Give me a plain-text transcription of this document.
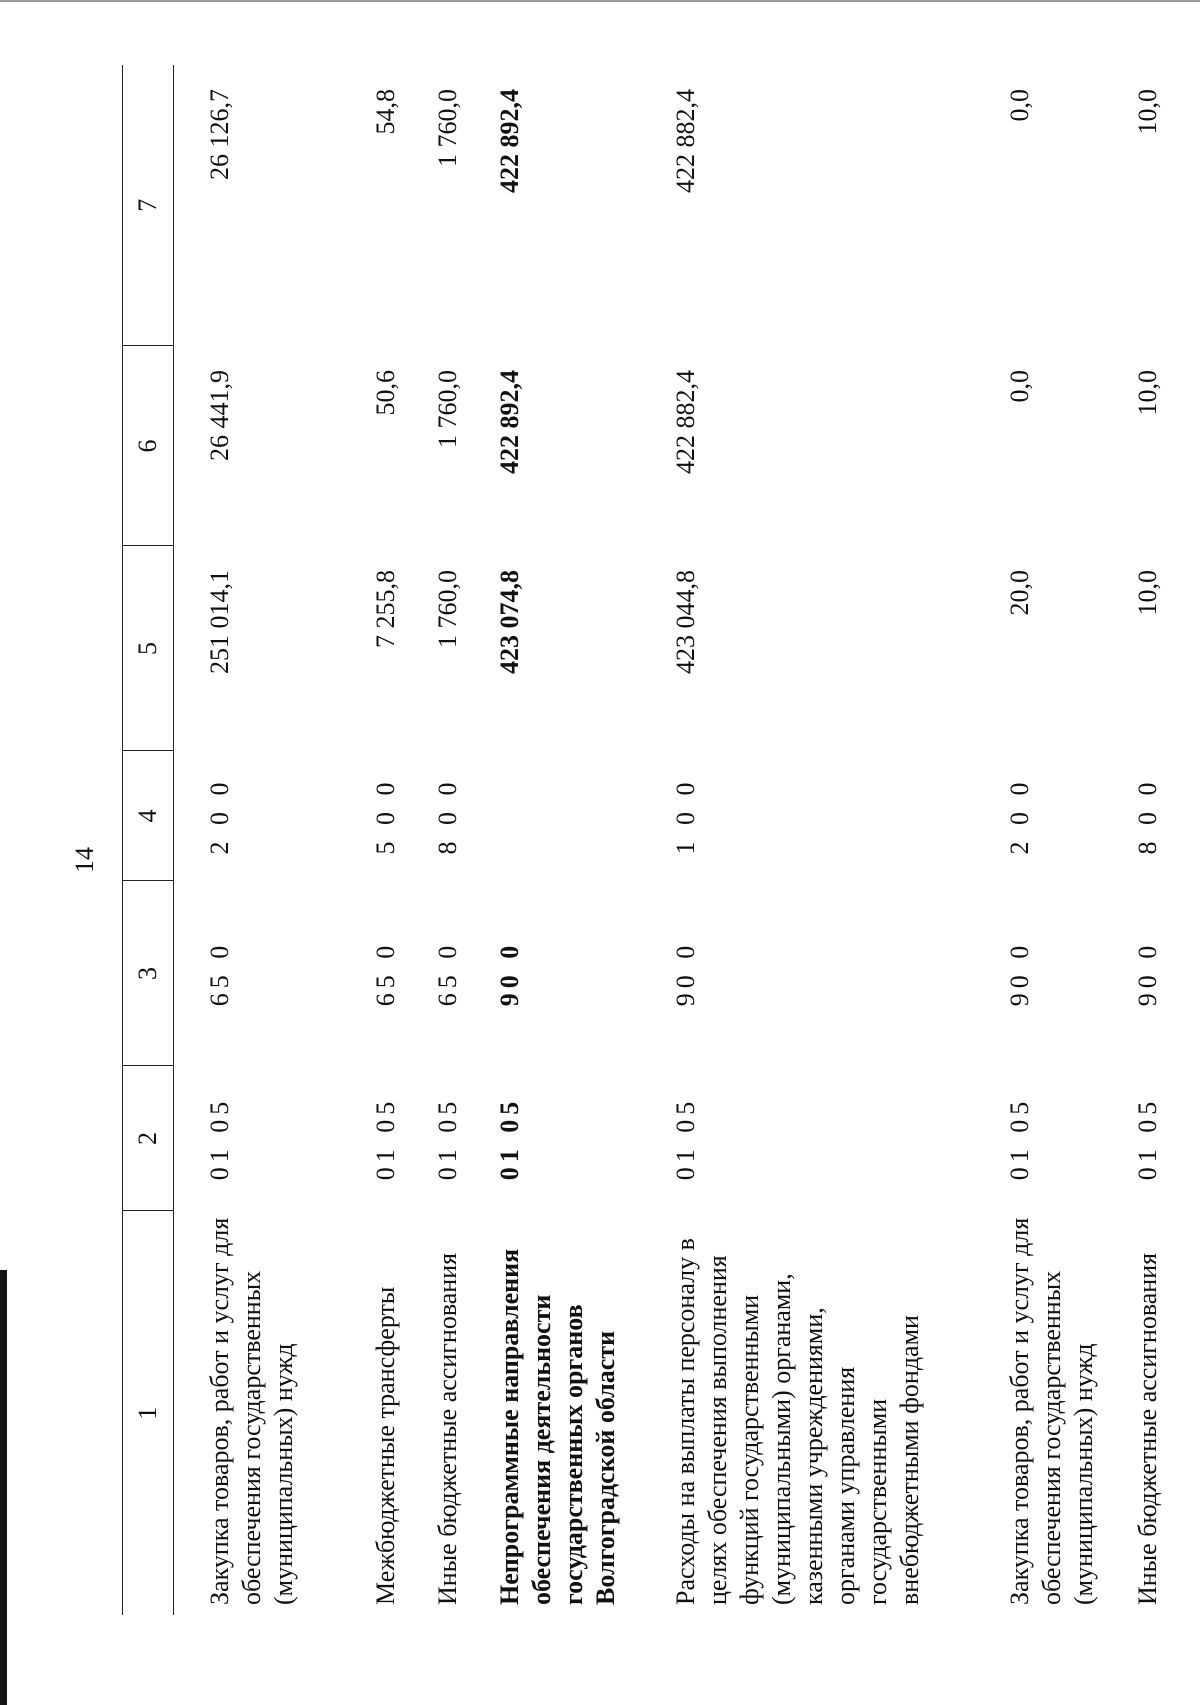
14
1	2	3	4	5	6	7
Закупка товаров, работ и услуг для обеспечения государственных (муниципальных) нужд	01 05	65 0	2 0 0	251 014,1	26 441,9	26 126,7
Межбюджетные трансферты	01 05	65 0	5 0 0	7 255,8	50,6	54,8
Иные бюджетные ассигнования	01 05	65 0	8 0 0	1 760,0	1 760,0	1 760,0
Непрограммные направления обеспечения деятельности государственных органов Волгоградской области	01 05	90 0		423 074,8	422 892,4	422 892,4
Расходы на выплаты персоналу в целях обеспечения выполнения функций государственными (муниципальными) органами, казенными учреждениями, органами управления государственными внебюджетными фондами	01 05	90 0	1 0 0	423 044,8	422 882,4	422 882,4
Закупка товаров, работ и услуг для обеспечения государственных (муниципальных) нужд	01 05	90 0	2 0 0	20,0	0,0	0,0
Иные бюджетные ассигнования	01 05	90 0	8 0 0	10,0	10,0	10,0
